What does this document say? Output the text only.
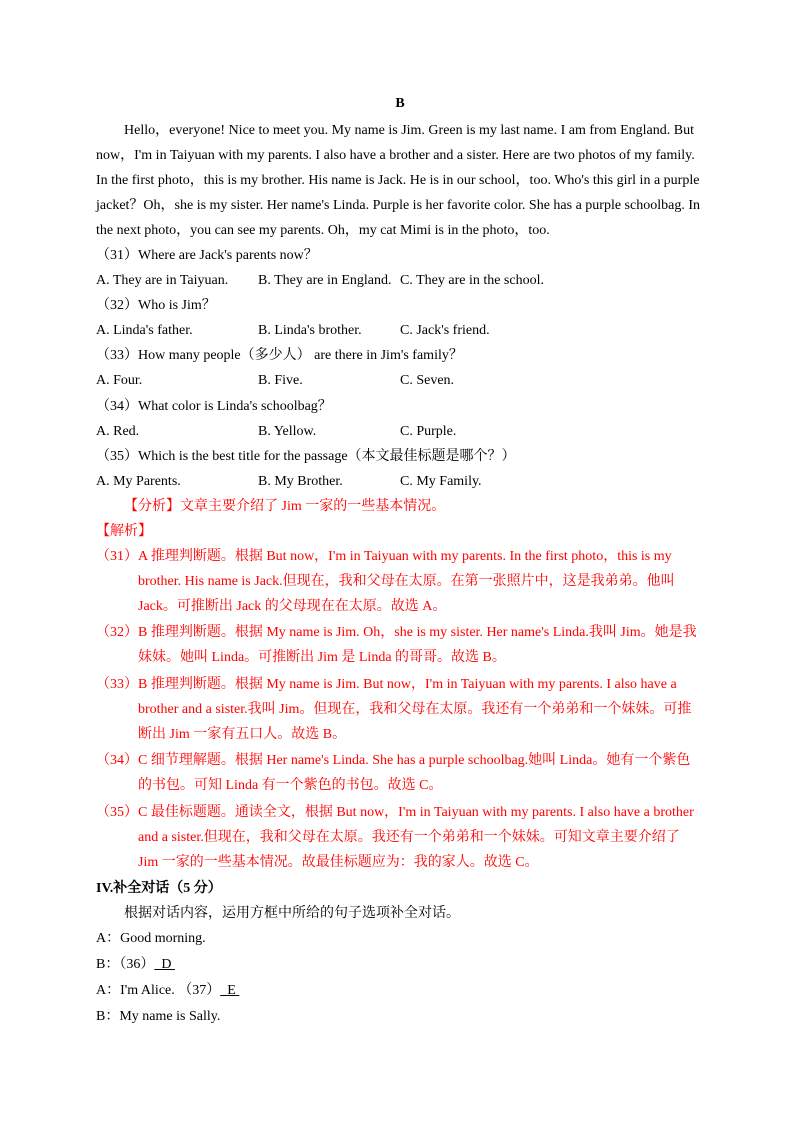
B
Hello，everyone! Nice to meet you. My name is Jim. Green is my last name. I am from England. But
now，I'm in Taiyuan with my parents. I also have a brother and a sister. Here are two photos of my family.
In the first photo，this is my brother. His name is Jack. He is in our school，too. Who's this girl in a purple
jacket？Oh，she is my sister. Her name's Linda. Purple is her favorite color. She has a purple schoolbag. In
the next photo，you can see my parents. Oh，my cat Mimi is in the photo，too.
（31）Where are Jack's parents now？
A. They are in Taiyuan. B. They are in England. C. They are in the school.
（32）Who is Jim？
A. Linda's father.	B. Linda's brother.	C. Jack's friend.
（33）How many people（多少人） are there in Jim's family？
A. Four.	B. Five.	C. Seven.
（34）What color is Linda's schoolbag？
A. Red.	B. Yellow.	C. Purple.
（35）Which is the best title for the passage（本文最佳标题是哪个？）
A. My Parents.	B. My Brother.	C. My Family.
【分析】文章主要介绍了 Jim 一家的一些基本情况。
【解析】
（31） A 推理判断题。根据 But now，I'm in Taiyuan with my parents. In the first photo，this is my
brother. His name is Jack.但现在，我和父母在太原。在第一张照片中，这是我弟弟。他叫
Jack。可推断出 Jack 的父母现在在太原。故选 A。
（32） B 推理判断题。根据 My name is Jim. Oh，she is my sister. Her name's Linda.我叫 Jim。她是我
妹妹。她叫 Linda。可推断出 Jim 是 Linda 的哥哥。故选 B。
（33） B 推理判断题。根据 My name is Jim. But now，I'm in Taiyuan with my parents. I also have a
brother and a sister.我叫 Jim。但现在，我和父母在太原。我还有一个弟弟和一个妹妹。可推
断出 Jim 一家有五口人。故选 B。
（34） C 细节理解题。根据 Her name's Linda. She has a purple schoolbag.她叫 Linda。她有一个紫色
的书包。可知 Linda 有一个紫色的书包。故选 C。
（35） C 最佳标题题。通读全文，根据 But now，I'm in Taiyuan with my parents. I also have a brother
and a sister.但现在，我和父母在太原。我还有一个弟弟和一个妹妹。可知文章主要介绍了
Jim 一家的一些基本情况。故最佳标题应为：我的家人。故选 C。
IV.补全对话（5 分）
根据对话内容，运用方框中所给的句子选项补全对话。
A：Good morning.
B：（36） D
A：I'm Alice. （37） E
B：My name is Sally.
